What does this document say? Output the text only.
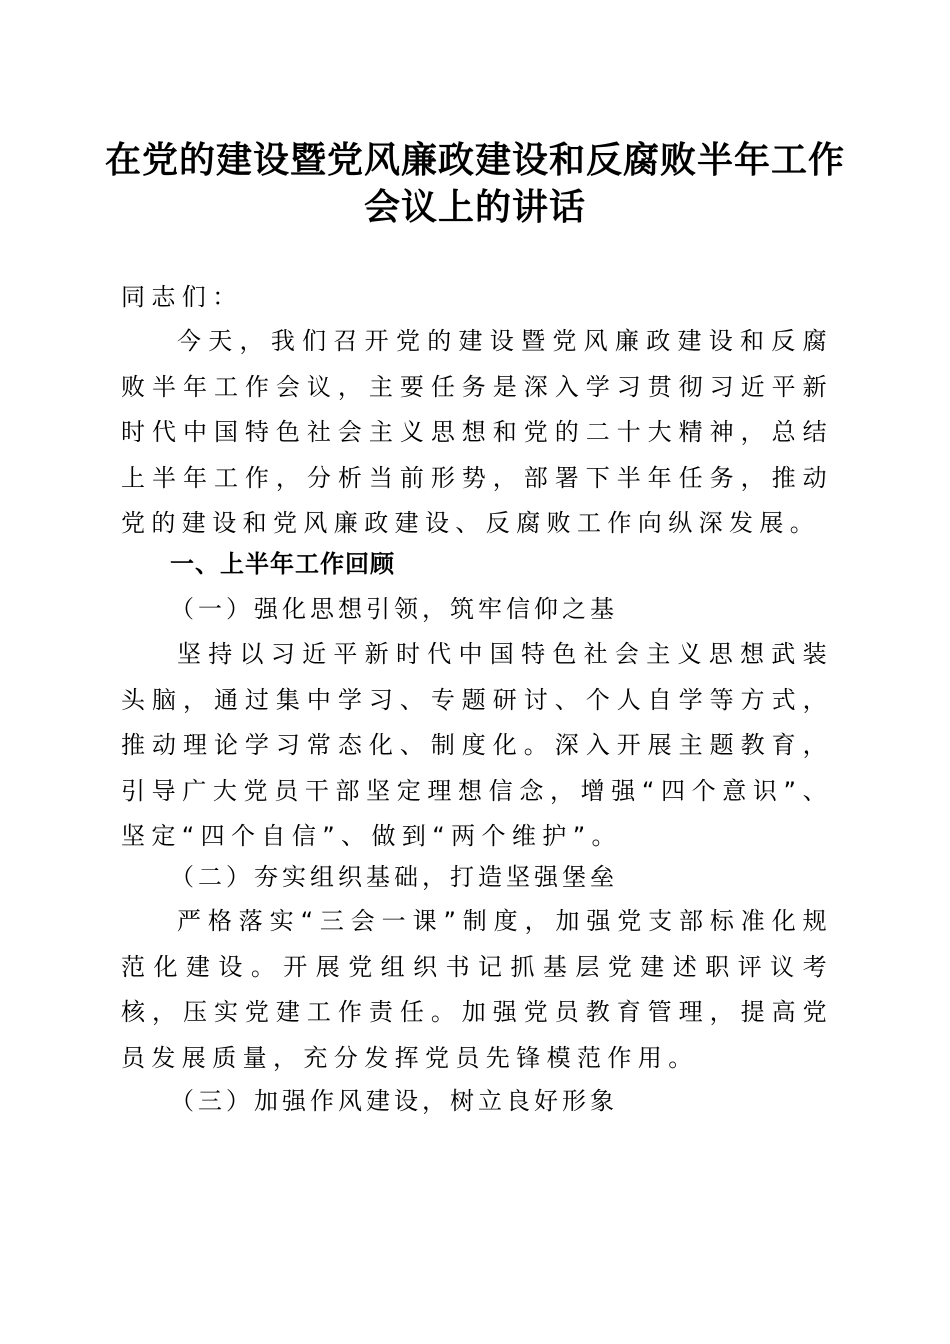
在党的建设暨党风廉政建设和反腐败半年工作
会议上的讲话

同志们：

今天，我们召开党的建设暨党风廉政建设和反腐败半年工作会议，主要任务是深入学习贯彻习近平新时代中国特色社会主义思想和党的二十大精神，总结上半年工作，分析当前形势，部署下半年任务，推动党的建设和党风廉政建设、反腐败工作向纵深发展。

一、上半年工作回顾

（一）强化思想引领，筑牢信仰之基

坚持以习近平新时代中国特色社会主义思想武装头脑，通过集中学习、专题研讨、个人自学等方式，推动理论学习常态化、制度化。深入开展主题教育，引导广大党员干部坚定理想信念，增强“四个意识”、坚定“四个自信”、做到“两个维护”。

（二）夯实组织基础，打造坚强堡垒

严格落实“三会一课”制度，加强党支部标准化规范化建设。开展党组织书记抓基层党建述职评议考核，压实党建工作责任。加强党员教育管理，提高党员发展质量，充分发挥党员先锋模范作用。

（三）加强作风建设，树立良好形象
